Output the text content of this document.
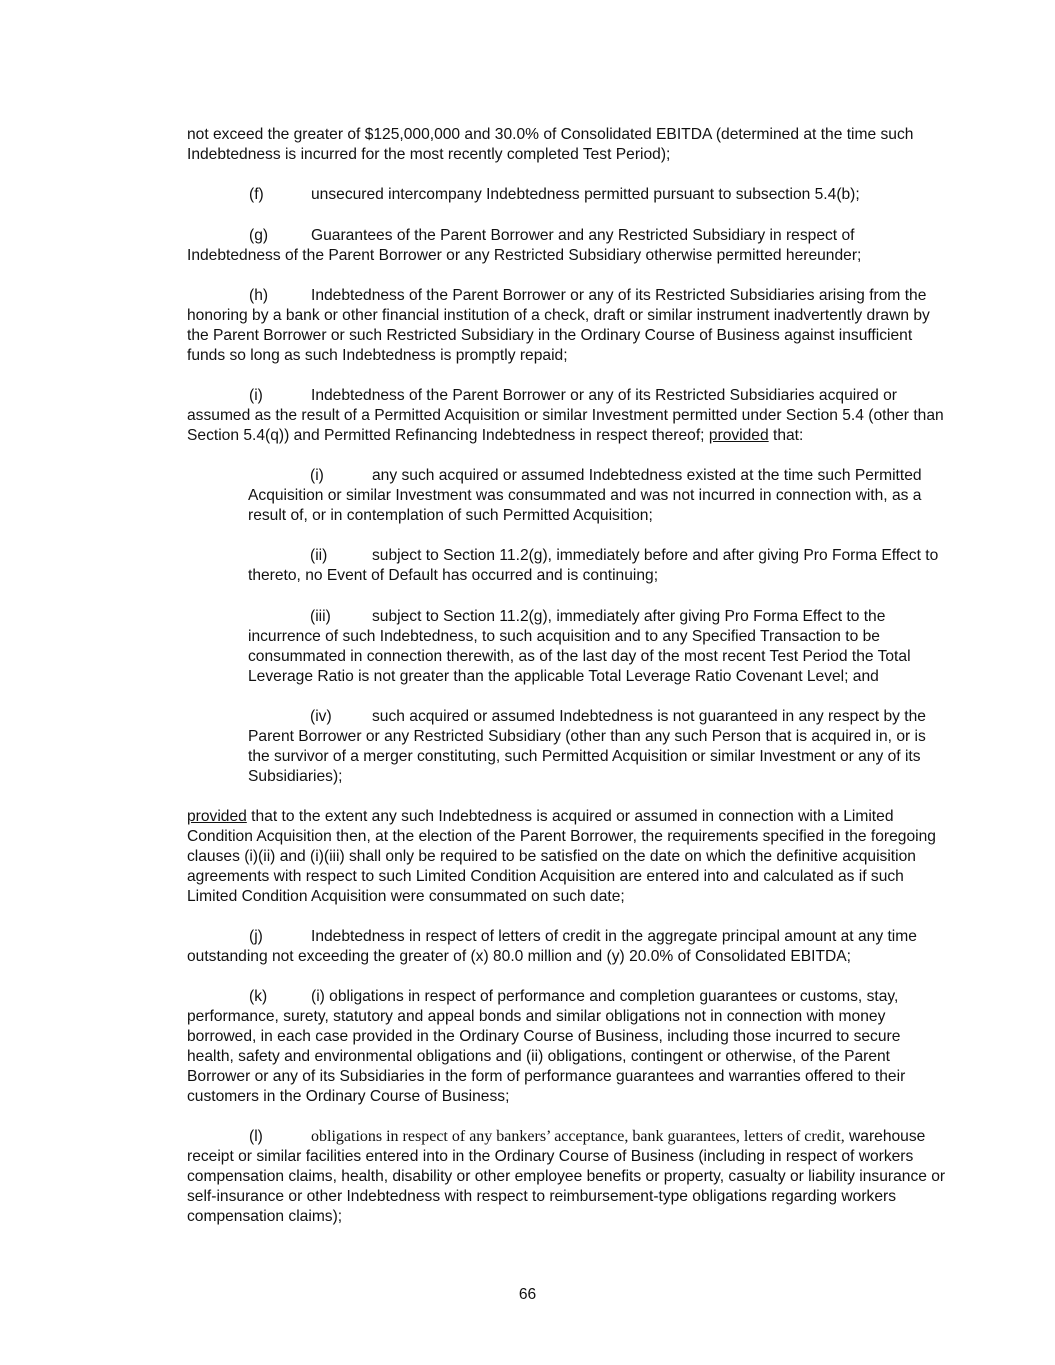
not exceed the greater of $125,000,000 and 30.0% of Consolidated EBITDA (determined at the time such Indebtedness is incurred for the most recently completed Test Period);

(f)	unsecured intercompany Indebtedness permitted pursuant to subsection 5.4(b);

(g)	Guarantees of the Parent Borrower and any Restricted Subsidiary in respect of Indebtedness of the Parent Borrower or any Restricted Subsidiary otherwise permitted hereunder;

(h)	Indebtedness of the Parent Borrower or any of its Restricted Subsidiaries arising from the honoring by a bank or other financial institution of a check, draft or similar instrument inadvertently drawn by the Parent Borrower or such Restricted Subsidiary in the Ordinary Course of Business against insufficient funds so long as such Indebtedness is promptly repaid;

(i)	Indebtedness of the Parent Borrower or any of its Restricted Subsidiaries acquired or assumed as the result of a Permitted Acquisition or similar Investment permitted under Section 5.4 (other than Section 5.4(q)) and Permitted Refinancing Indebtedness in respect thereof; provided that:

(i)	any such acquired or assumed Indebtedness existed at the time such Permitted Acquisition or similar Investment was consummated and was not incurred in connection with, as a result of, or in contemplation of such Permitted Acquisition;

(ii)	subject to Section 11.2(g), immediately before and after giving Pro Forma Effect to thereto, no Event of Default has occurred and is continuing;

(iii)	subject to Section 11.2(g), immediately after giving Pro Forma Effect to the incurrence of such Indebtedness, to such acquisition and to any Specified Transaction to be consummated in connection therewith, as of the last day of the most recent Test Period the Total Leverage Ratio is not greater than the applicable Total Leverage Ratio Covenant Level; and

(iv)	such acquired or assumed Indebtedness is not guaranteed in any respect by the Parent Borrower or any Restricted Subsidiary (other than any such Person that is acquired in, or is the survivor of a merger constituting, such Permitted Acquisition or similar Investment or any of its Subsidiaries);

provided that to the extent any such Indebtedness is acquired or assumed in connection with a Limited Condition Acquisition then, at the election of the Parent Borrower, the requirements specified in the foregoing clauses (i)(ii) and (i)(iii) shall only be required to be satisfied on the date on which the definitive acquisition agreements with respect to such Limited Condition Acquisition are entered into and calculated as if such Limited Condition Acquisition were consummated on such date;

(j)	Indebtedness in respect of letters of credit in the aggregate principal amount at any time outstanding not exceeding the greater of (x) 80.0 million and (y) 20.0% of Consolidated EBITDA;

(k)	(i) obligations in respect of performance and completion guarantees or customs, stay, performance, surety, statutory and appeal bonds and similar obligations not in connection with money borrowed, in each case provided in the Ordinary Course of Business, including those incurred to secure health, safety and environmental obligations and (ii) obligations, contingent or otherwise, of the Parent Borrower or any of its Subsidiaries in the form of performance guarantees and warranties offered to their customers in the Ordinary Course of Business;

(l)	obligations in respect of any bankers’ acceptance, bank guarantees, letters of credit, warehouse receipt or similar facilities entered into in the Ordinary Course of Business (including in respect of workers compensation claims, health, disability or other employee benefits or property, casualty or liability insurance or self-insurance or other Indebtedness with respect to reimbursement-type obligations regarding workers compensation claims);

66
